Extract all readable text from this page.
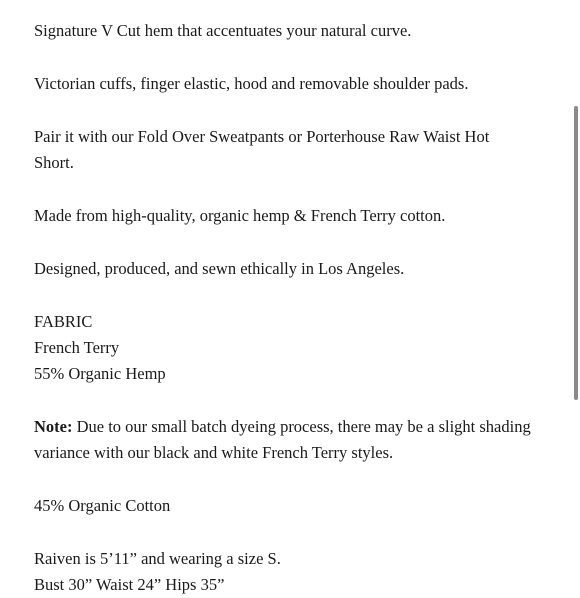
Signature V Cut hem that accentuates your natural curve.

Victorian cuffs, finger elastic, hood and removable shoulder pads.

Pair it with our Fold Over Sweatpants or Porterhouse Raw Waist Hot
Short.

Made from high-quality, organic hemp & French Terry cotton.

Designed, produced, and sewn ethically in Los Angeles.

FABRIC

French Terry

55% Organic Hemp

Note: Due to our small batch dyeing process, there may be a slight shading variance with our black and white French Terry styles.

45% Organic Cotton

Raiven is 5’11” and wearing a size S.

Bust 30” Waist 24” Hips 35”
